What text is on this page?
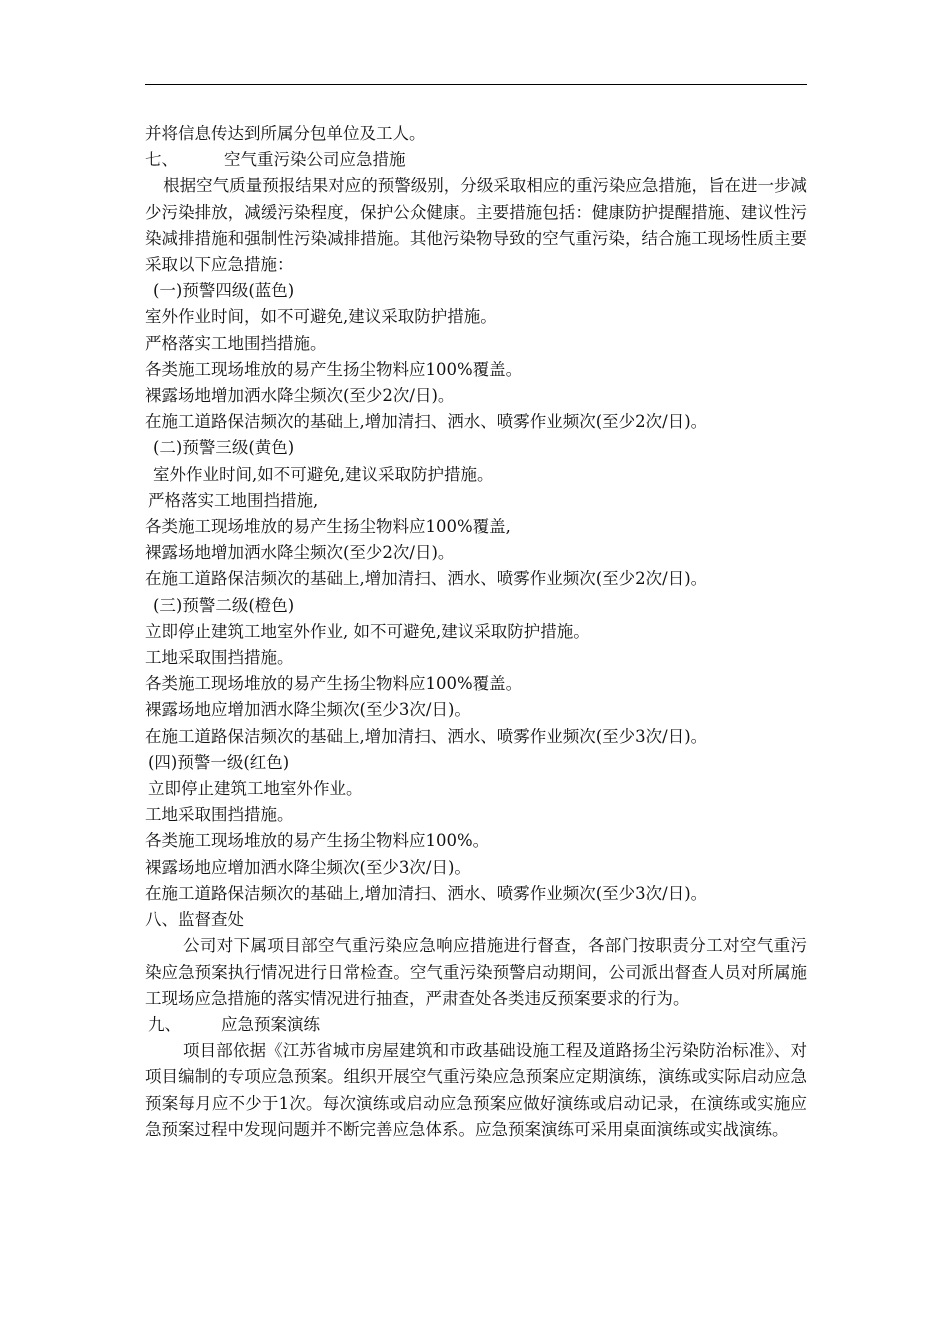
并将信息传达到所属分包单位及工人。
七、	空气重污染公司应急措施
根据空气质量预报结果对应的预警级别，分级采取相应的重污染应急措施，旨在进一步减少污染排放，减缓污染程度，保护公众健康。主要措施包括：健康防护提醒措施、建议性污染减排措施和强制性污染减排措施。其他污染物导致的空气重污染，结合施工现场性质主要采取以下应急措施：
(一)预警四级(蓝色)
室外作业时间，如不可避免,建议采取防护措施。
严格落实工地围挡措施。
各类施工现场堆放的易产生扬尘物料应100%覆盖。
裸露场地增加洒水降尘频次(至少2次/日)。
在施工道路保洁频次的基础上,增加清扫、洒水、喷雾作业频次(至少2次/日)。
(二)预警三级(黄色)
室外作业时间,如不可避免,建议采取防护措施。
严格落实工地围挡措施,
各类施工现场堆放的易产生扬尘物料应100%覆盖,
裸露场地增加洒水降尘频次(至少2次/日)。
在施工道路保洁频次的基础上,增加清扫、洒水、喷雾作业频次(至少2次/日)。
(三)预警二级(橙色)
立即停止建筑工地室外作业, 如不可避免,建议采取防护措施。
工地采取围挡措施。
各类施工现场堆放的易产生扬尘物料应100%覆盖。
裸露场地应增加洒水降尘频次(至少3次/日)。
在施工道路保洁频次的基础上,增加清扫、洒水、喷雾作业频次(至少3次/日)。
(四)预警一级(红色)
立即停止建筑工地室外作业。
工地采取围挡措施。
各类施工现场堆放的易产生扬尘物料应100%。
裸露场地应增加洒水降尘频次(至少3次/日)。
在施工道路保洁频次的基础上,增加清扫、洒水、喷雾作业频次(至少3次/日)。
八、监督查处
公司对下属项目部空气重污染应急响应措施进行督查，各部门按职责分工对空气重污染应急预案执行情况进行日常检查。空气重污染预警启动期间，公司派出督查人员对所属施工现场应急措施的落实情况进行抽查，严肃查处各类违反预案要求的行为。
九、 应急预案演练
项目部依据《江苏省城市房屋建筑和市政基础设施工程及道路扬尘污染防治标准》、对项目编制的专项应急预案。组织开展空气重污染应急预案应定期演练，演练或实际启动应急预案每月应不少于1次。每次演练或启动应急预案应做好演练或启动记录，在演练或实施应急预案过程中发现问题并不断完善应急体系。应急预案演练可采用桌面演练或实战演练。
